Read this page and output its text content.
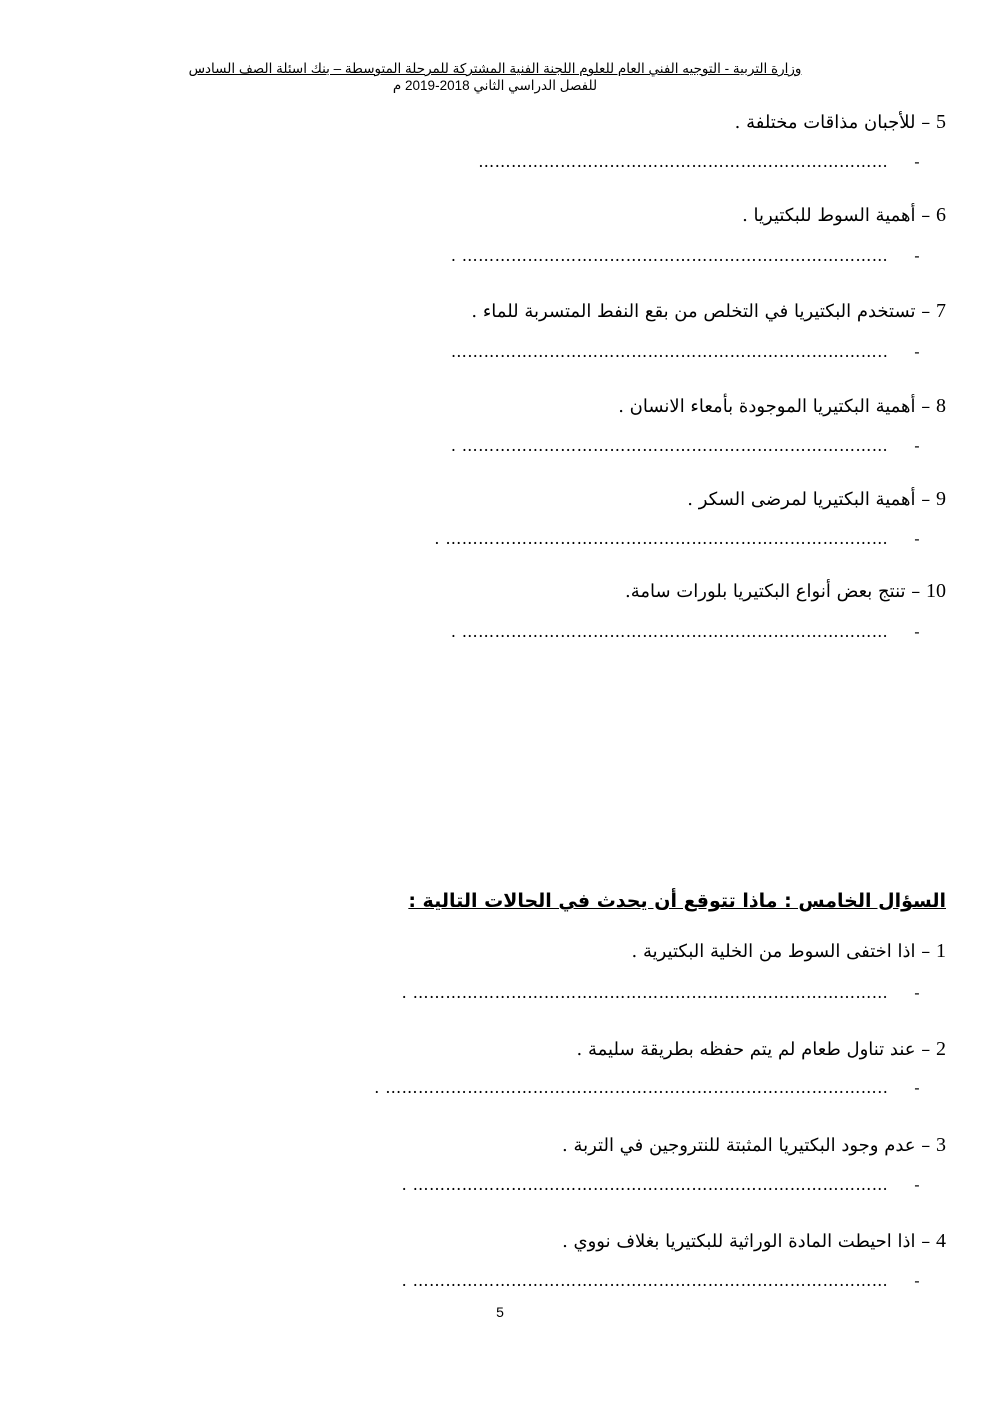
وزارة التربية - التوجيه الفني العام للعلوم اللجنة الفنية المشتركة للمرحلة المتوسطة – بنك اسئلة الصف السادس
للفصل الدراسي الثاني 2018-2019 م
5 – للأجبان مذاقات مختلفة .
………………………………………………………………… -
6 – أهمية السوط للبكتيريا .
. …………………………………………………………………… -
7 – تستخدم البكتيريا في التخلص من بقع النفط المتسربة للماء .
…………………………………………………………………….. -
8 – أهمية البكتيريا الموجودة بأمعاء الانسان .
. …………………………………………………………………… -
9 – أهمية البكتيريا لمرضى السكر .
. ……………………………………………………………………… -
10 – تنتج بعض أنواع البكتيريا بلورات سامة.
. …………………………………………………………………… -
السؤال الخامس : ماذا تتوقع أن يحدث في الحالات التالية :
1 – اذا اختفى السوط من الخلية البكتيرية .
. …………………………………………………………………………… -
2 – عند تناول طعام لم يتم حفظه بطريقة سليمة .
. ……………………………………………………………………………….. -
3 – عدم وجود البكتيريا المثبتة للنتروجين في التربة .
. …………………………………………………………………………… -
4 – اذا احيطت المادة الوراثية للبكتيريا بغلاف نووي .
. …………………………………………………………………………… -
5
